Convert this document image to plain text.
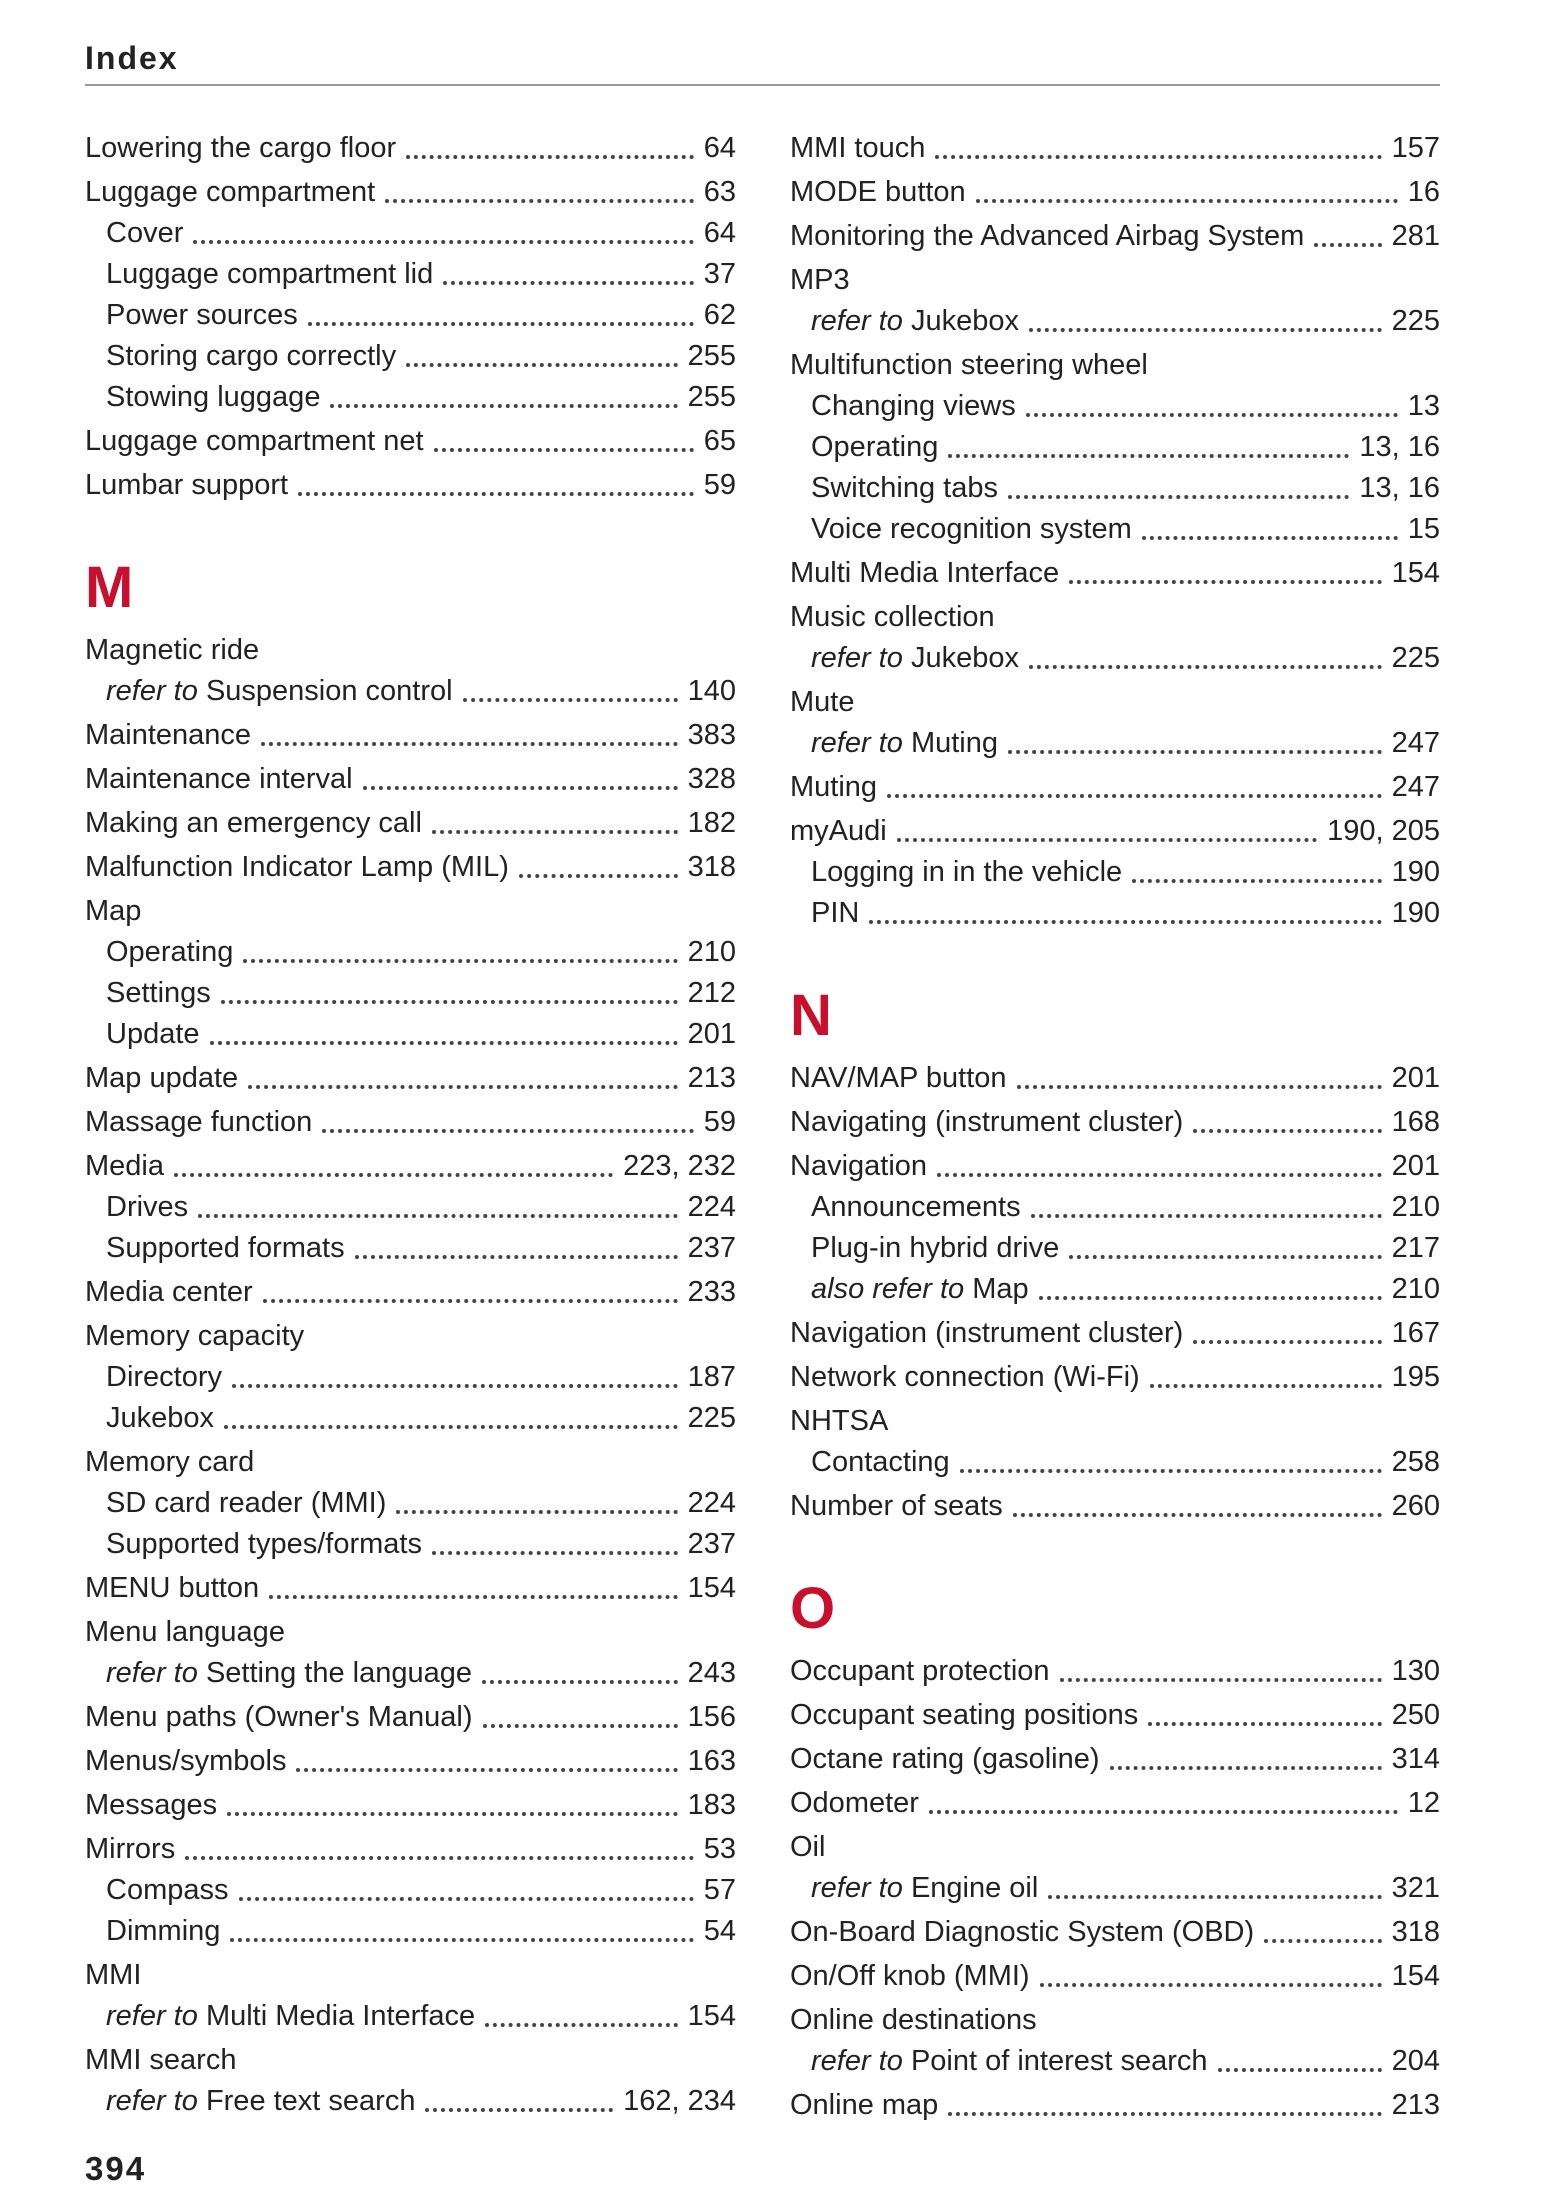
Index
Lowering the cargo floor	64
Luggage compartment	63
Cover	64
Luggage compartment lid	37
Power sources	62
Storing cargo correctly	255
Stowing luggage	255
Luggage compartment net	65
Lumbar support	59
M
Magnetic ride
refer to Suspension control	140
Maintenance	383
Maintenance interval	328
Making an emergency call	182
Malfunction Indicator Lamp (MIL)	318
Map
Operating	210
Settings	212
Update	201
Map update	213
Massage function	59
Media	223, 232
Drives	224
Supported formats	237
Media center	233
Memory capacity
Directory	187
Jukebox	225
Memory card
SD card reader (MMI)	224
Supported types/formats	237
MENU button	154
Menu language
refer to Setting the language	243
Menu paths (Owner's Manual)	156
Menus/symbols	163
Messages	183
Mirrors	53
Compass	57
Dimming	54
MMI
refer to Multi Media Interface	154
MMI search
refer to Free text search	162, 234
MMI touch	157
MODE button	16
Monitoring the Advanced Airbag System	281
MP3
refer to Jukebox	225
Multifunction steering wheel
Changing views	13
Operating	13, 16
Switching tabs	13, 16
Voice recognition system	15
Multi Media Interface	154
Music collection
refer to Jukebox	225
Mute
refer to Muting	247
Muting	247
myAudi	190, 205
Logging in in the vehicle	190
PIN	190
N
NAV/MAP button	201
Navigating (instrument cluster)	168
Navigation	201
Announcements	210
Plug-in hybrid drive	217
also refer to Map	210
Navigation (instrument cluster)	167
Network connection (Wi-Fi)	195
NHTSA
Contacting	258
Number of seats	260
O
Occupant protection	130
Occupant seating positions	250
Octane rating (gasoline)	314
Odometer	12
Oil
refer to Engine oil	321
On-Board Diagnostic System (OBD)	318
On/Off knob (MMI)	154
Online destinations
refer to Point of interest search	204
Online map	213
394
